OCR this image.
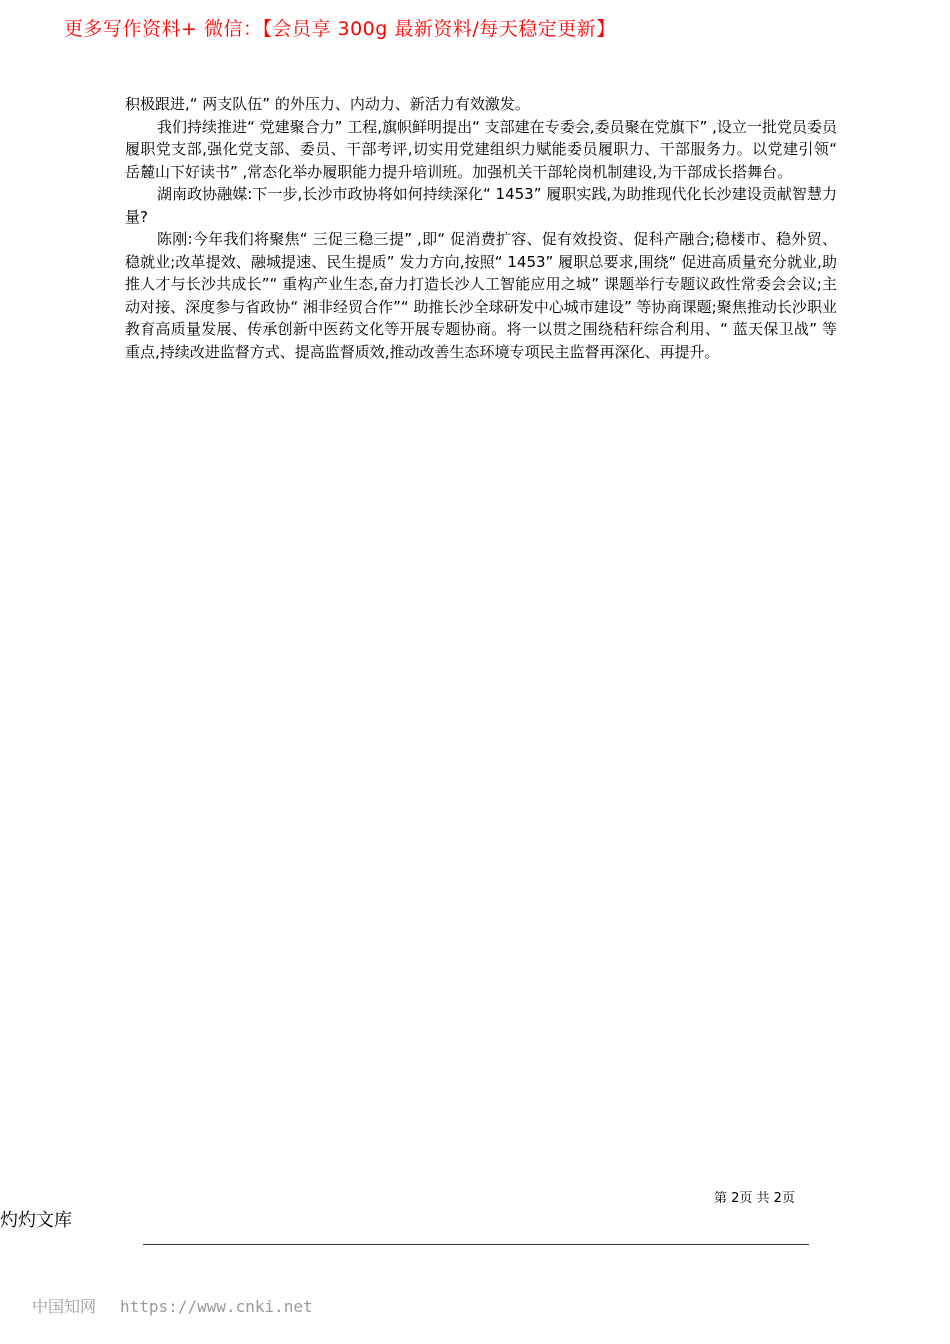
更多写作资料+ 微信：【会员享 300g 最新资料/每天稳定更新】

积极跟进,“ 两支队伍” 的外压力、内动力、新活力有效激发。

我们持续推进“ 党建聚合力” 工程,旗帜鲜明提出“ 支部建在专委会,委员聚在党旗下” ,设立一批党员委员履职党支部,强化党支部、委员、干部考评,切实用党建组织力赋能委员履职力、干部服务力。以党建引领“ 岳麓山下好读书” ,常态化举办履职能力提升培训班。加强机关干部轮岗机制建设,为干部成长搭舞台。

湖南政协融媒:下一步,长沙市政协将如何持续深化“ 1453” 履职实践,为助推现代化长沙建设贡献智慧力量?

陈刚:今年我们将聚焦“ 三促三稳三提” ,即“ 促消费扩容、促有效投资、促科产融合;稳楼市、稳外贸、稳就业;改革提效、融城提速、民生提质” 发力方向,按照“ 1453” 履职总要求,围绕“ 促进高质量充分就业,助推人才与长沙共成长”“ 重构产业生态,奋力打造长沙人工智能应用之城” 课题举行专题议政性常委会会议;主动对接、深度参与省政协“ 湘非经贸合作”“ 助推长沙全球研发中心城市建设” 等协商课题;聚焦推动长沙职业教育高质量发展、传承创新中医药文化等开展专题协商。将一以贯之围绕秸秆综合利用、“ 蓝天保卫战” 等重点,持续改进监督方式、提高监督质效,推动改善生态环境专项民主监督再深化、再提升。

第 2页 共 2页
灼灼文库
中国知网 https://www.cnki.net
